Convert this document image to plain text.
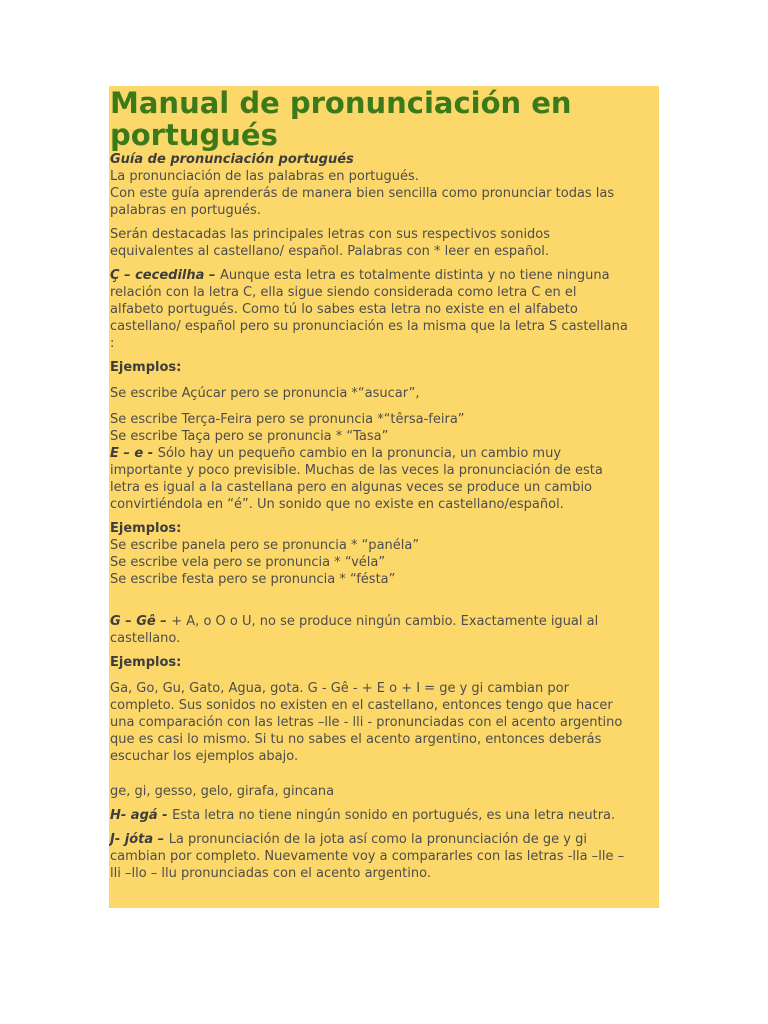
Manual de pronunciación en
portugués

Guía de pronunciación portugués

La pronunciación de las palabras en portugués.

Con este guía aprenderás de manera bien sencilla como pronunciar todas las

palabras en portugués.

Serán destacadas las principales letras con sus respectivos sonidos

equivalentes al castellano/ español. Palabras con * leer en español.

Ç – cecedilha – Aunque esta letra es totalmente distinta y no tiene ninguna

relación con la letra C, ella sigue siendo considerada como letra C en el

alfabeto portugués. Como tú lo sabes esta letra no existe en el alfabeto

castellano/ español pero su pronunciación es la misma que la letra S castellana

:

Ejemplos:

Se escribe Açúcar pero se pronuncia *“asucar”,

Se escribe Terça-Feira pero se pronuncia *“têrsa-feira”

Se escribe Taça pero se pronuncia * “Tasa”

E – e - Sólo hay un pequeño cambio en la pronuncia, un cambio muy

importante y poco previsible. Muchas de las veces la pronunciación de esta

letra es igual a la castellana pero en algunas veces se produce un cambio

convirtiéndola en “é”. Un sonido que no existe en castellano/español.

Ejemplos:

Se escribe panela pero se pronuncia * “panéla”

Se escribe vela pero se pronuncia * “véla”

Se escribe festa pero se pronuncia * “fésta”

G – Gê – + A, o O o U, no se produce ningún cambio. Exactamente igual al

castellano.

Ejemplos:

Ga, Go, Gu, Gato, Agua, gota. G - Gê - + E o + I = ge y gi cambian por

completo. Sus sonidos no existen en el castellano, entonces tengo que hacer

una comparación con las letras –lle - lli - pronunciadas con el acento argentino

que es casi lo mismo. Si tu no sabes el acento argentino, entonces deberás

escuchar los ejemplos abajo.

ge, gi, gesso, gelo, girafa, gincana

H- agá - Esta letra no tiene ningún sonido en portugués, es una letra neutra.

J- jóta – La pronunciación de la jota así como la pronunciación de ge y gi

cambian por completo. Nuevamente voy a compararles con las letras -lla –lle –

lli –llo – llu pronunciadas con el acento argentino.
